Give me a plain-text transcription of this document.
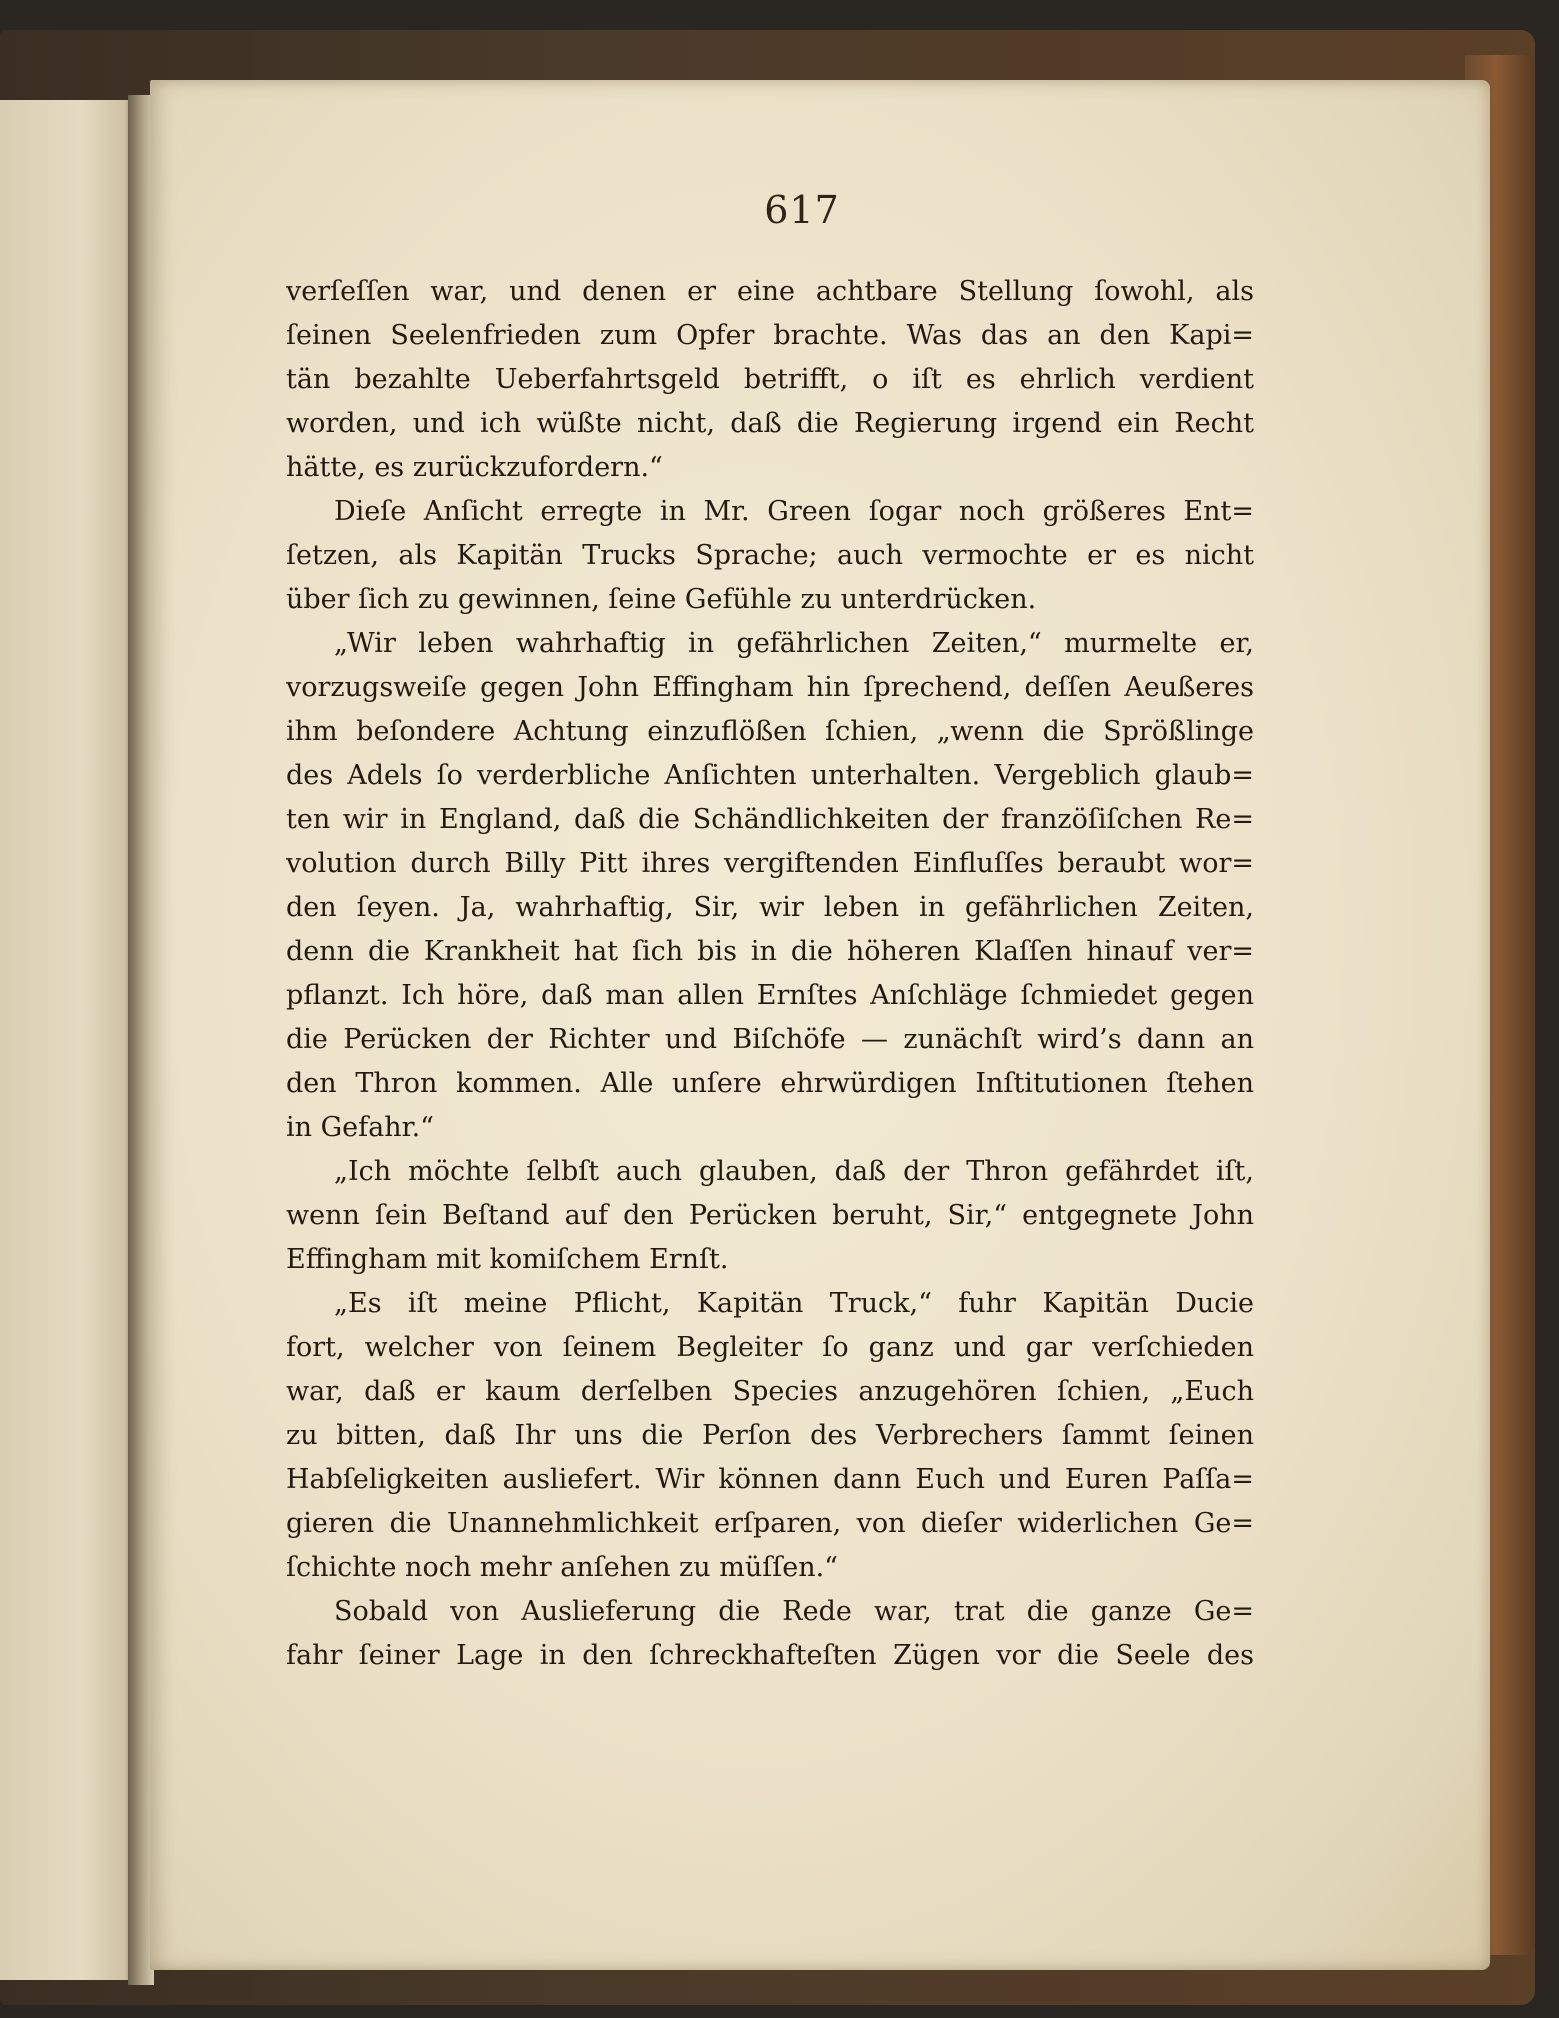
617
verſeſſen war, und denen er eine achtbare Stellung ſowohl, als
ſeinen Seelenfrieden zum Opfer brachte. Was das an den Kapi=
tän bezahlte Ueberfahrtsgeld betrifft, o iſt es ehrlich verdient
worden, und ich wüßte nicht, daß die Regierung irgend ein Recht
hätte, es zurückzufordern.“
Dieſe Anſicht erregte in Mr. Green ſogar noch größeres Ent=
ſetzen, als Kapitän Trucks Sprache; auch vermochte er es nicht
über ſich zu gewinnen, ſeine Gefühle zu unterdrücken.
„Wir leben wahrhaftig in gefährlichen Zeiten,“ murmelte er,
vorzugsweiſe gegen John Effingham hin ſprechend, deſſen Aeußeres
ihm beſondere Achtung einzuflößen ſchien, „wenn die Sprößlinge
des Adels ſo verderbliche Anſichten unterhalten. Vergeblich glaub=
ten wir in England, daß die Schändlichkeiten der franzöſiſchen Re=
volution durch Billy Pitt ihres vergiftenden Einfluſſes beraubt wor=
den ſeyen. Ja, wahrhaftig, Sir, wir leben in gefährlichen Zeiten,
denn die Krankheit hat ſich bis in die höheren Klaſſen hinauf ver=
pflanzt. Ich höre, daß man allen Ernſtes Anſchläge ſchmiedet gegen
die Perücken der Richter und Biſchöfe — zunächſt wird’s dann an
den Thron kommen. Alle unſere ehrwürdigen Inſtitutionen ſtehen
in Gefahr.“
„Ich möchte ſelbſt auch glauben, daß der Thron gefährdet iſt,
wenn ſein Beſtand auf den Perücken beruht, Sir,“ entgegnete John
Effingham mit komiſchem Ernſt.
„Es iſt meine Pflicht, Kapitän Truck,“ fuhr Kapitän Ducie
fort, welcher von ſeinem Begleiter ſo ganz und gar verſchieden
war, daß er kaum derſelben Species anzugehören ſchien, „Euch
zu bitten, daß Ihr uns die Perſon des Verbrechers ſammt ſeinen
Habſeligkeiten ausliefert. Wir können dann Euch und Euren Paſſa=
gieren die Unannehmlichkeit erſparen, von dieſer widerlichen Ge=
ſchichte noch mehr anſehen zu müſſen.“
Sobald von Auslieferung die Rede war, trat die ganze Ge=
fahr ſeiner Lage in den ſchreckhafteſten Zügen vor die Seele des
